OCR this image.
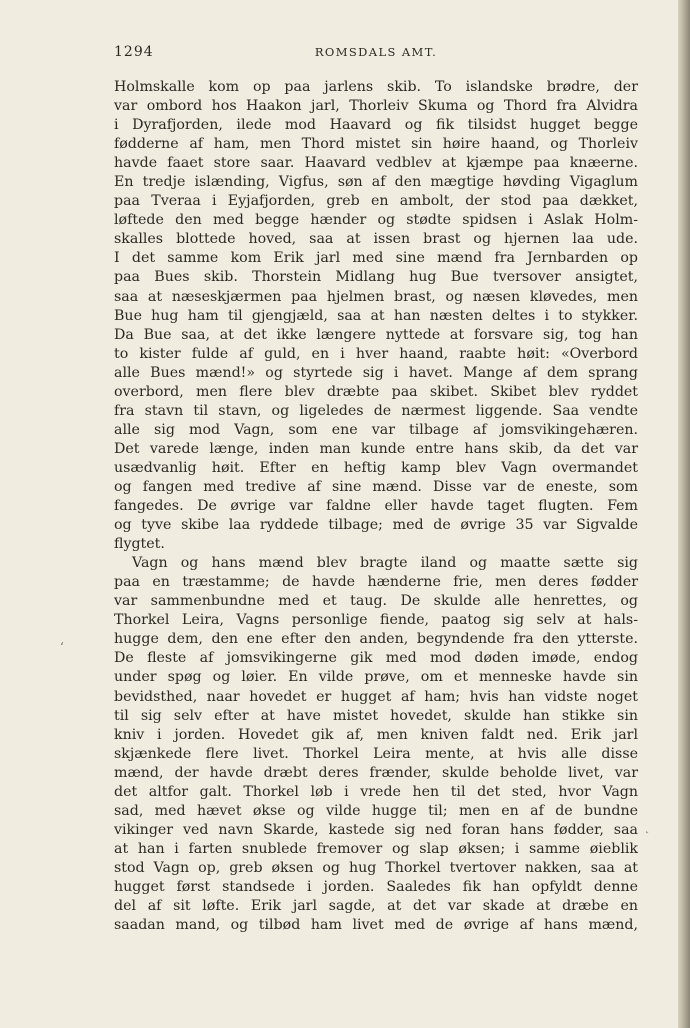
1294	ROMSDALS AMT.
Holmskalle kom op paa jarlens skib. To islandske brødre, der
var ombord hos Haakon jarl, Thorleiv Skuma og Thord fra Alvidra
i Dyrafjorden, ilede mod Haavard og fik tilsidst hugget begge
fødderne af ham, men Thord mistet sin høire haand, og Thorleiv
havde faaet store saar. Haavard vedblev at kjæmpe paa knæerne.
En tredje islænding, Vigfus, søn af den mægtige høvding Vigaglum
paa Tveraa i Eyjafjorden, greb en ambolt, der stod paa dækket,
løftede den med begge hænder og stødte spidsen i Aslak Holm-
skalles blottede hoved, saa at issen brast og hjernen laa ude.
I det samme kom Erik jarl med sine mænd fra Jernbarden op
paa Bues skib. Thorstein Midlang hug Bue tversover ansigtet,
saa at næseskjærmen paa hjelmen brast, og næsen kløvedes, men
Bue hug ham til gjengjæld, saa at han næsten deltes i to stykker.
Da Bue saa, at det ikke længere nyttede at forsvare sig, tog han
to kister fulde af guld, en i hver haand, raabte høit: «Overbord
alle Bues mænd!» og styrtede sig i havet. Mange af dem sprang
overbord, men flere blev dræbte paa skibet. Skibet blev ryddet
fra stavn til stavn, og ligeledes de nærmest liggende. Saa vendte
alle sig mod Vagn, som ene var tilbage af jomsvikingehæren.
Det varede længe, inden man kunde entre hans skib, da det var
usædvanlig høit. Efter en heftig kamp blev Vagn overmandet
og fangen med tredive af sine mænd. Disse var de eneste, som
fangedes. De øvrige var faldne eller havde taget flugten. Fem
og tyve skibe laa ryddede tilbage; med de øvrige 35 var Sigvalde
flygtet.
Vagn og hans mænd blev bragte iland og maatte sætte sig
paa en træstamme; de havde hænderne frie, men deres fødder
var sammenbundne med et taug. De skulde alle henrettes, og
Thorkel Leira, Vagns personlige fiende, paatog sig selv at hals-
hugge dem, den ene efter den anden, begyndende fra den ytterste.
De fleste af jomsvikingerne gik med mod døden imøde, endog
under spøg og løier. En vilde prøve, om et menneske havde sin
bevidsthed, naar hovedet er hugget af ham; hvis han vidste noget
til sig selv efter at have mistet hovedet, skulde han stikke sin
kniv i jorden. Hovedet gik af, men kniven faldt ned. Erik jarl
skjænkede flere livet. Thorkel Leira mente, at hvis alle disse
mænd, der havde dræbt deres frænder, skulde beholde livet, var
det altfor galt. Thorkel løb i vrede hen til det sted, hvor Vagn
sad, med hævet økse og vilde hugge til; men en af de bundne
vikinger ved navn Skarde, kastede sig ned foran hans fødder, saa
at han i farten snublede fremover og slap øksen; i samme øieblik
stod Vagn op, greb øksen og hug Thorkel tvertover nakken, saa at
hugget først standsede i jorden. Saaledes fik han opfyldt denne
del af sit løfte. Erik jarl sagde, at det var skade at dræbe en
saadan mand, og tilbød ham livet med de øvrige af hans mænd,
‘
˛
